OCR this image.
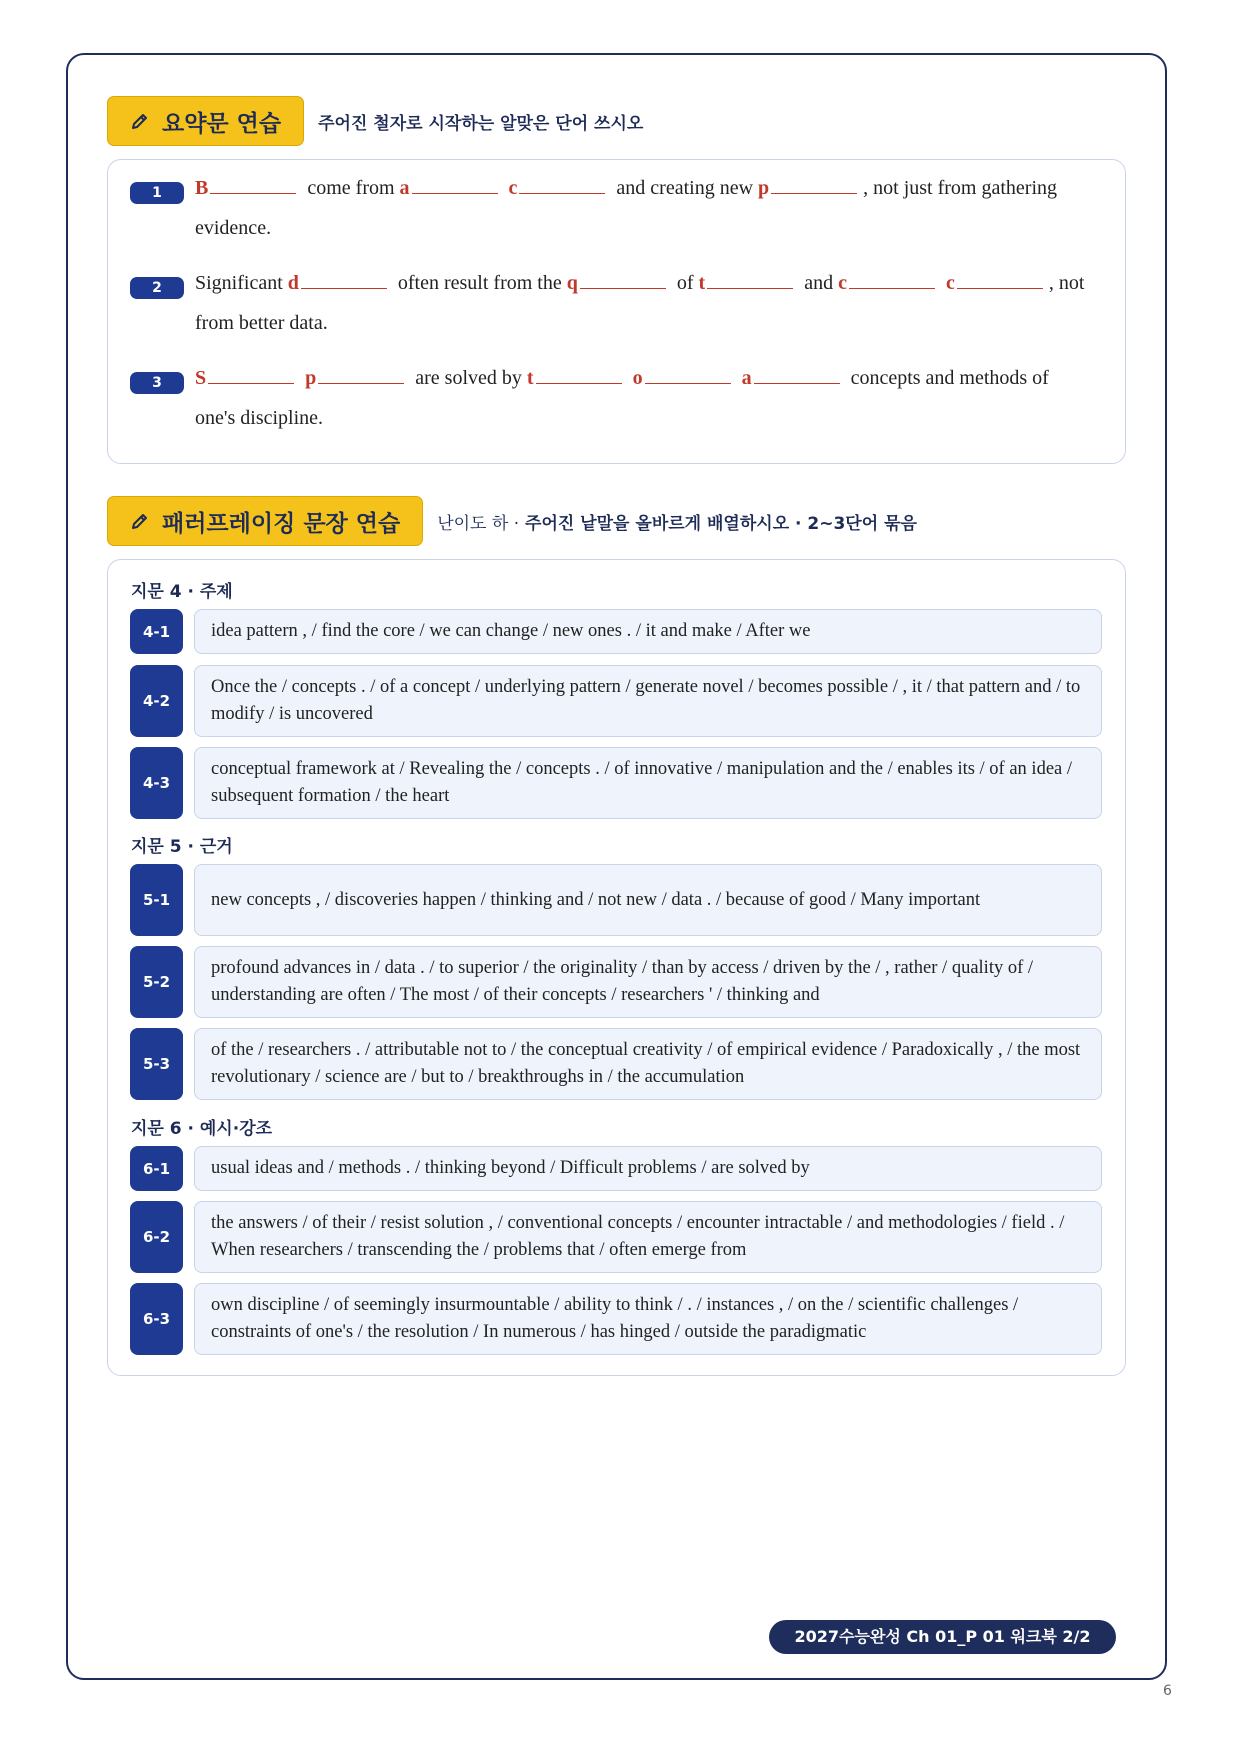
요약문 연습 주어진 철자로 시작하는 알맞은 단어 쓰시오
1	B	come from a	c	and creating new p	, not just from gathering
evidence.
2	Significant d	often result from the q	of t	and c	c	, not
from better data.
3	S	p	are solved by t	o	a	concepts and methods of
one's discipline.
패러프레이징 문장 연습 난이도 하 · 주어진 낱말을 올바르게 배열하시오 · 2~3단어 묶음
지문 4 · 주제
4-1	idea pattern , / find the core / we can change / new ones . / it and make / After we
4-2
Once the / concepts . / of a concept / underlying pattern / generate novel / becomes possible / , it / that pattern and / to modify / is uncovered
4-3
conceptual framework at / Revealing the / concepts . / of innovative / manipulation and the / enables its / of an idea / subsequent formation / the heart
지문 5 · 근거
5-1	new concepts , / discoveries happen / thinking and / not new / data . / because of good / Many important
5-2
profound advances in / data . / to superior / the originality / than by access / driven by the / , rather / quality of / understanding are often / The most / of their concepts / researchers ' / thinking and
5-3
of the / researchers . / attributable not to / the conceptual creativity / of empirical evidence / Paradoxically , / the most revolutionary / science are / but to / breakthroughs in / the accumulation
지문 6 · 예시·강조
6-1	usual ideas and / methods . / thinking beyond / Difficult problems / are solved by
6-2
the answers / of their / resist solution , / conventional concepts / encounter intractable / and methodologies / field . / When researchers / transcending the / problems that / often emerge from
6-3
own discipline / of seemingly insurmountable / ability to think / . / instances , / on the / scientific challenges / constraints of one's / the resolution / In numerous / has hinged / outside the paradigmatic
2027수능완성 Ch 01_P 01 워크북 2/2
6
